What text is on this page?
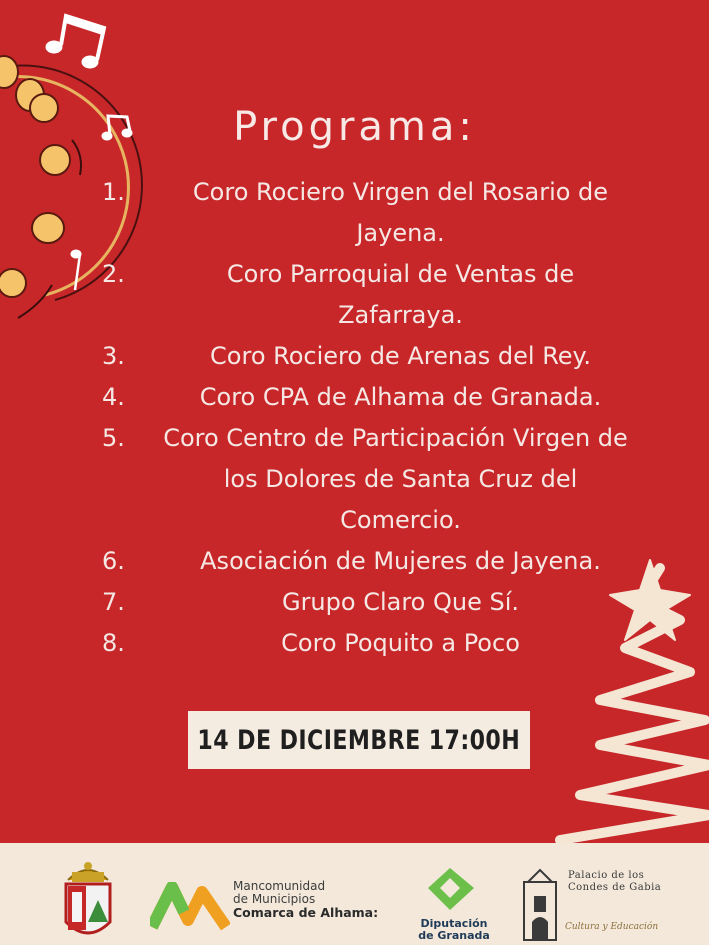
Programa:
1.	Coro Rociero Virgen del Rosario de
Jayena.
2.	Coro Parroquial de Ventas de
Zafarraya.
3.	Coro Rociero de Arenas del Rey.
4.	Coro CPA de Alhama de Granada.
5.	Coro Centro de Participación Virgen de
los Dolores de Santa Cruz del
Comercio.
6.	Asociación de Mujeres de Jayena.
7.	Grupo Claro Que Sí.
8.	Coro Poquito a Poco
14 DE DICIEMBRE 17:00H
Mancomunidad
de Municipios
Comarca de Alhama:
Diputación
de Granada
Palacio de los
Condes de Gabia
Cultura y Educación
